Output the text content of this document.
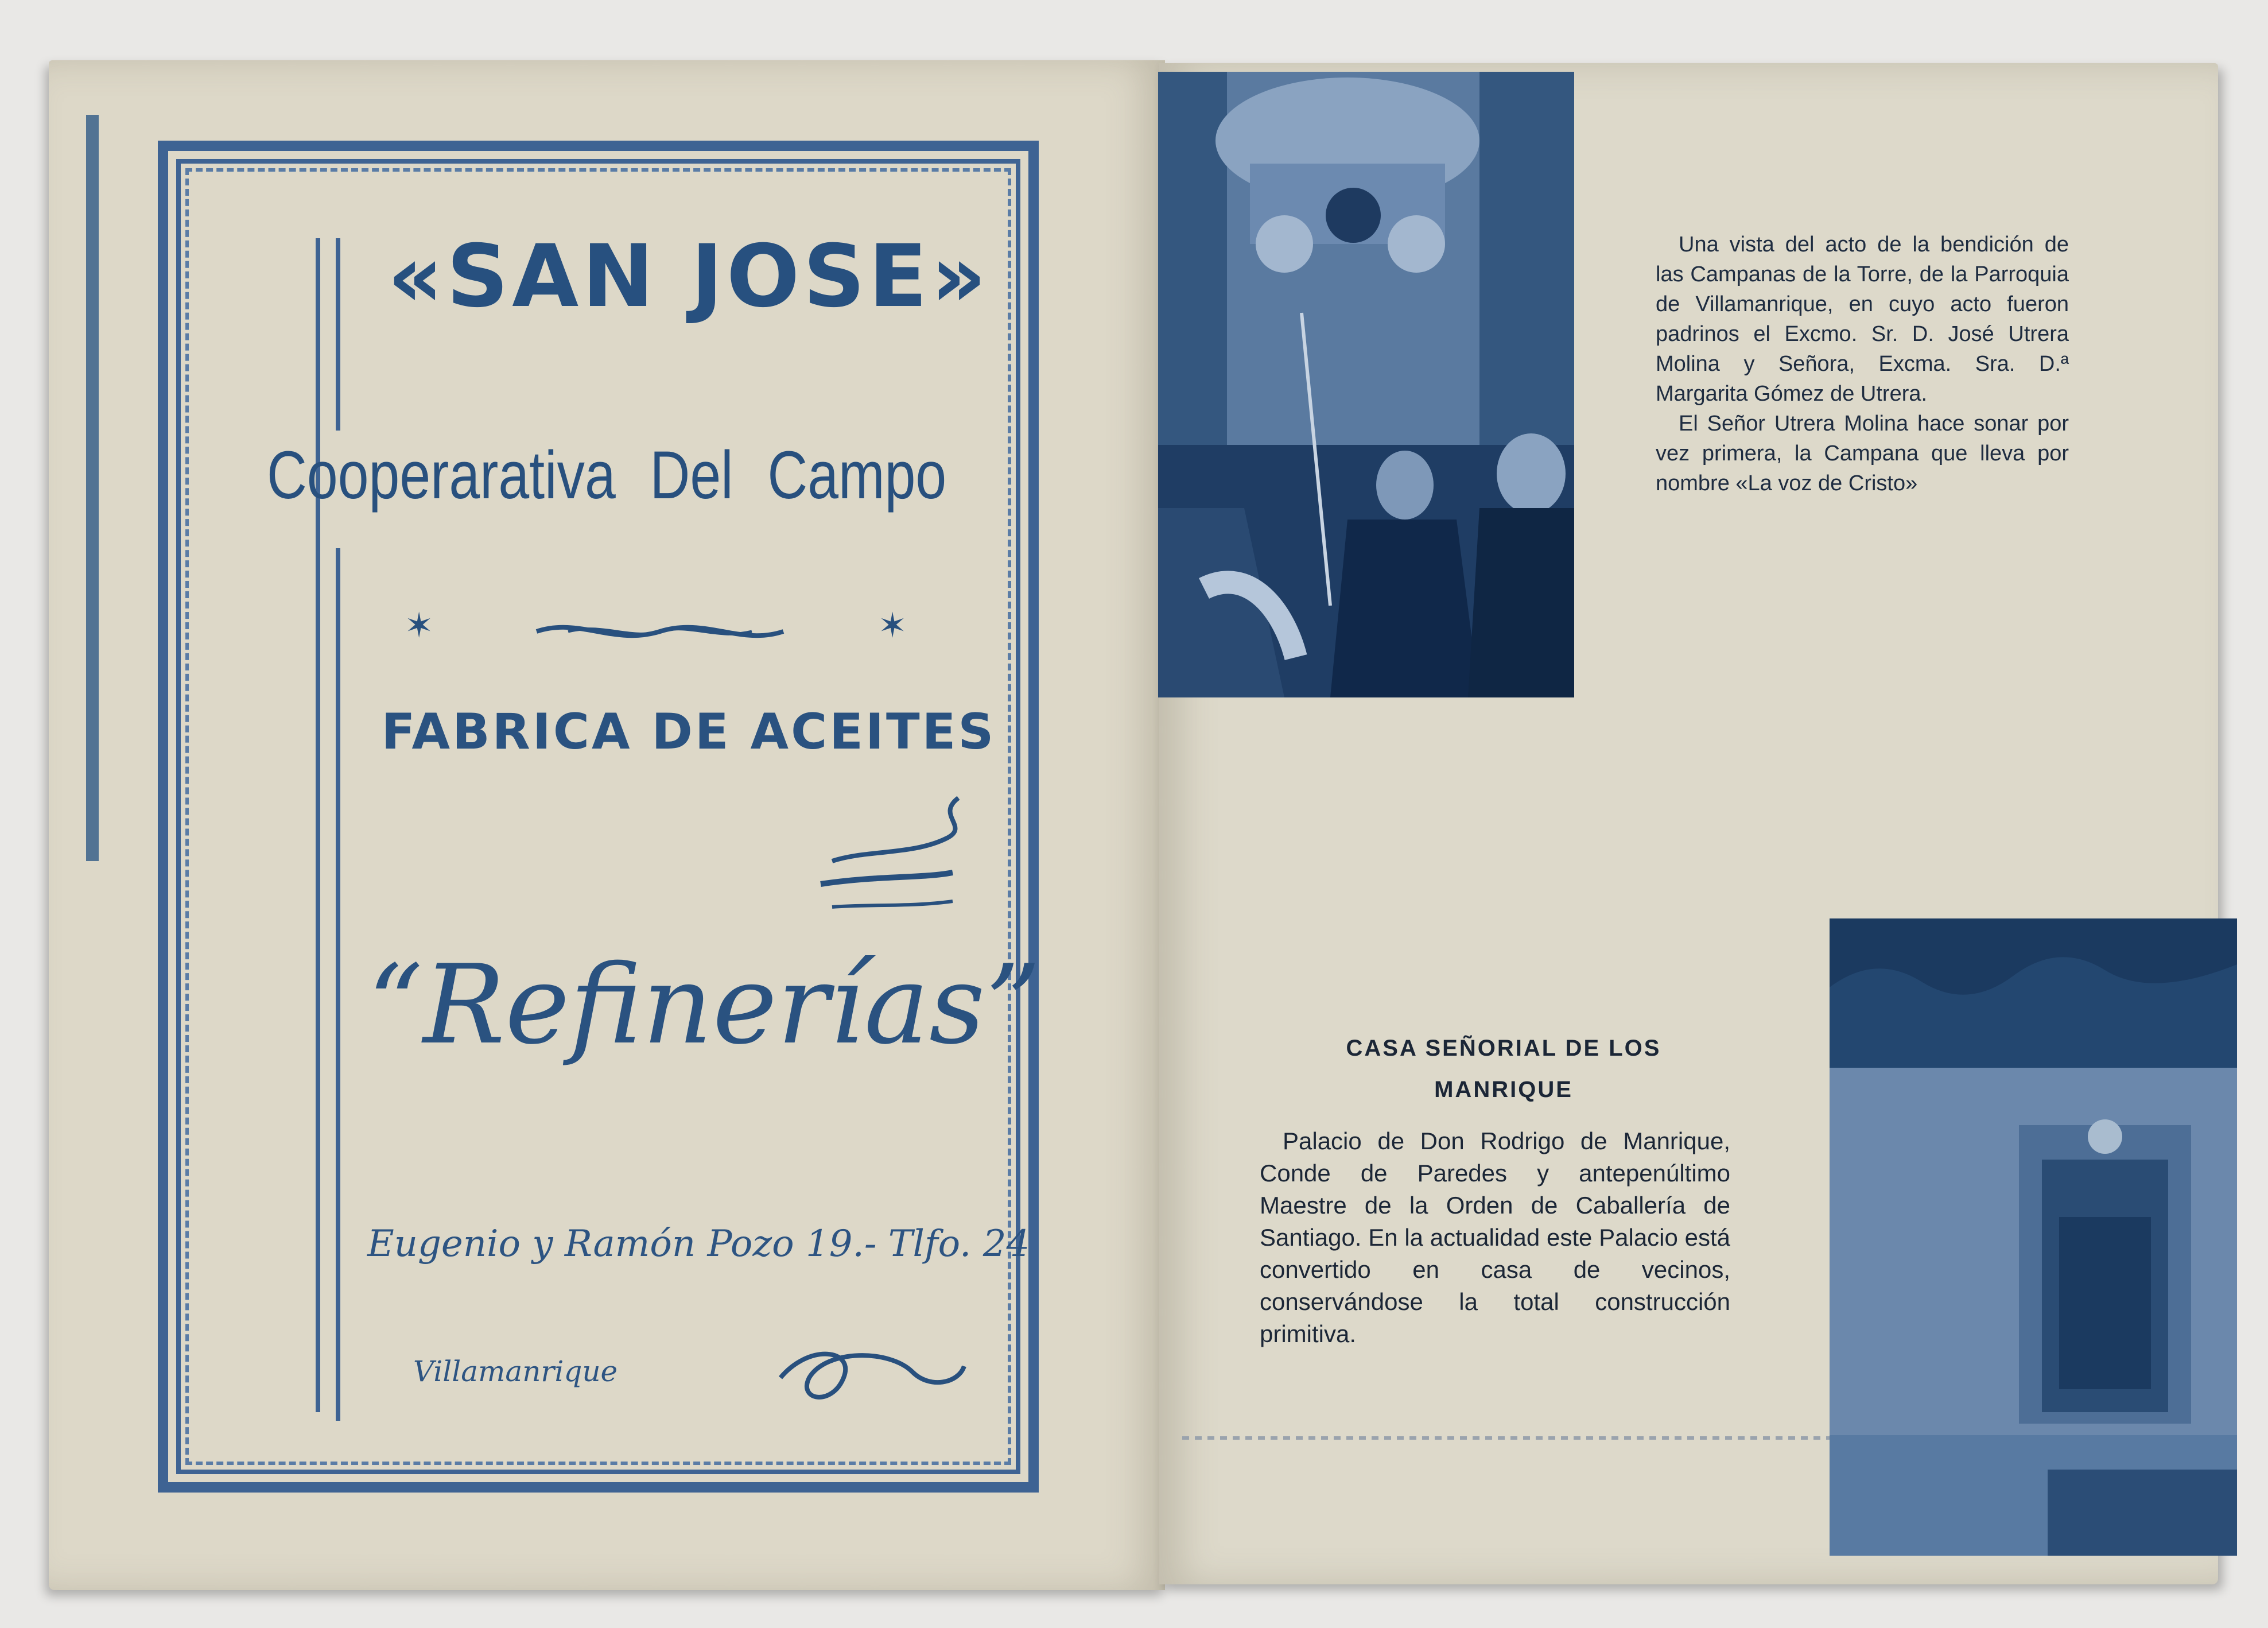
«SAN JOSE»
Cooperarativa Del Campo
✶	✶
FABRICA DE ACEITES
“Refinerías”
Eugenio y Ramón Pozo 19.- Tlfo. 24
Villamanrique

Una vista del acto de la bendición de las Campanas de la Torre, de la Parroquia de Villamanrique, en cuyo acto fueron padrinos el Excmo. Sr. D. José Utrera Molina y Señora, Excma. Sra. D.ª Margarita Gómez de Utrera.

El Señor Utrera Molina hace sonar por vez primera, la Campana que lleva por nombre «La voz de Cristo»

CASA SEÑORIAL DE LOS
MANRIQUE
Palacio de Don Rodrigo de Manrique, Conde de Paredes y antepenúltimo Maestre de la Orden de Caballería de Santiago. En la actualidad este Palacio está convertido en casa de vecinos, conservándose la total construcción primitiva.
